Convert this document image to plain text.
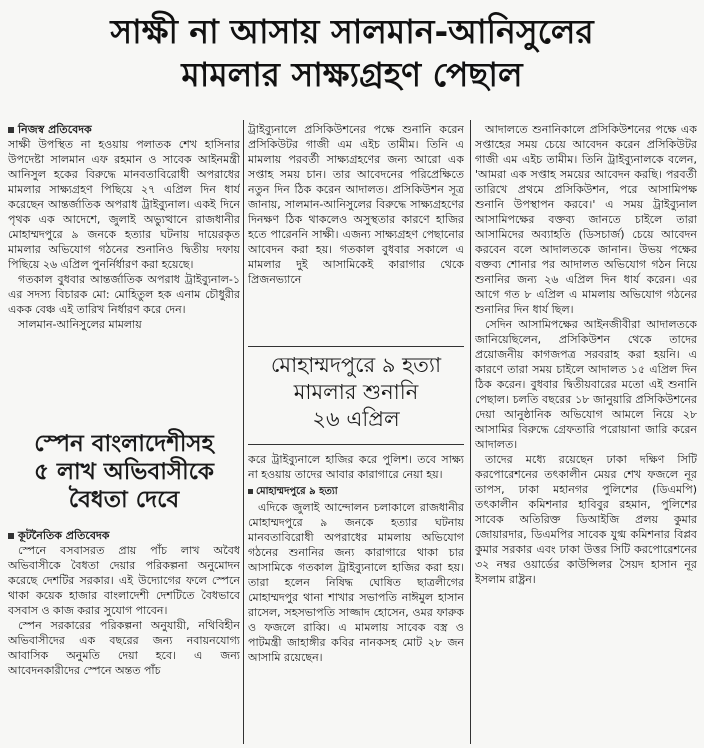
সাক্ষী না আসায় সালমান-আনিসুলের
মামলার সাক্ষ্যগ্রহণ পেছাল
নিজস্ব প্রতিবেদক

সাক্ষী উপস্থিত না হওয়ায় পলাতক শেখ হাসিনার উপদেষ্টা সালমান এফ রহমান ও সাবেক আইনমন্ত্রী আনিসুল হকের বিরুদ্ধে মানবতাবিরোধী অপরাধের মামলার সাক্ষ্যগ্রহণ পিছিয়ে ২৭ এপ্রিল দিন ধার্য করেছেন আন্তর্জাতিক অপরাধ ট্রাইব্যুনাল। একই দিনে পৃথক এক আদেশে, জুলাই অভ্যুত্থানে রাজধানীর মোহাম্মদপুরে ৯ জনকে হত্যার ঘটনায় দায়েরকৃত মামলার অভিযোগ গঠনের শুনানিও দ্বিতীয় দফায় পিছিয়ে ২৬ এপ্রিল পুনর্নির্ধারণ করা হয়েছে।

গতকাল বুধবার আন্তর্জাতিক অপরাধ ট্রাইব্যুনাল-১ এর সদস্য বিচারক মো: মোহিতুল হক এনাম চৌধুরীর একক বেঞ্চ এই তারিখ নির্ধারণ করে দেন।

সালমান-আনিসুলের মামলায়

স্পেন বাংলাদেশীসহ
৫ লাখ অভিবাসীকে
বৈধতা দেবে
কূটনৈতিক প্রতিবেদক

স্পেনে বসবাসরত প্রায় পাঁচ লাখ অবৈধ অভিবাসীকে বৈধতা দেয়ার পরিকল্পনা অনুমোদন করেছে দেশটির সরকার। এই উদ্যোগের ফলে স্পেনে থাকা কয়েক হাজার বাংলাদেশী দেশটিতে বৈধভাবে বসবাস ও কাজ করার সুযোগ পাবেন।

স্পেন সরকারের পরিকল্পনা অনুযায়ী, নথিবিহীন অভিবাসীদের এক বছরের জন্য নবায়নযোগ্য আবাসিক অনুমতি দেয়া হবে। এ জন্য আবেদনকারীদের স্পেনে অন্তত পাঁচ

ট্রাইব্যুনালে প্রসিকিউশনের পক্ষে শুনানি করেন প্রসিকিউটর গাজী এম এইচ তামীম। তিনি এ মামলায় পরবর্তী সাক্ষ্যগ্রহণের জন্য আরো এক সপ্তাহ সময় চান। তার আবেদনের পরিপ্রেক্ষিতে নতুন দিন ঠিক করেন আদালত। প্রসিকিউশন সূত্র জানায়, সালমান-আনিসুলের বিরুদ্ধে সাক্ষ্যগ্রহণের দিনক্ষণ ঠিক থাকলেও অসুস্থতার কারণে হাজির হতে পারেননি সাক্ষী। এজন্য সাক্ষ্যগ্রহণ পেছানোর আবেদন করা হয়। গতকাল বুধবার সকালে এ মামলার দুই আসামিকেই কারাগার থেকে প্রিজনভ্যানে

মোহাম্মদপুরে ৯ হত্যা
মামলার শুনানি
২৬ এপ্রিল

করে ট্রাইব্যুনালে হাজির করে পুলিশ। তবে সাক্ষ্য না হওয়ায় তাদের আবার কারাগারে নেয়া হয়।

মোহাম্মদপুরে ৯ হত্যা

এদিকে জুলাই আন্দোলন চলাকালে রাজধানীর মোহাম্মদপুরে ৯ জনকে হত্যার ঘটনায় মানবতাবিরোধী অপরাধের মামলায় অভিযোগ গঠনের শুনানির জন্য কারাগারে থাকা চার আসামিকে গতকাল ট্রাইব্যুনালে হাজির করা হয়। তারা হলেন নিষিদ্ধ ঘোষিত ছাত্রলীগের মোহাম্মদপুর থানা শাখার সভাপতি নাঈমুল হাসান রাসেল, সহসভাপতি সাজ্জাদ হোসেন, ওমর ফারুক ও ফজলে রাব্বি। এ মামলায় সাবেক বস্ত্র ও পাটমন্ত্রী জাহাঙ্গীর কবির নানকসহ মোট ২৮ জন আসামি রয়েছেন।

আদালতে শুনানিকালে প্রসিকিউশনের পক্ষে এক সপ্তাহের সময় চেয়ে আবেদন করেন প্রসিকিউটর গাজী এম এইচ তামীম। তিনি ট্রাইব্যুনালকে বলেন, 'আমরা এক সপ্তাহ সময়ের আবেদন করছি। পরবর্তী তারিখে প্রথমে প্রসিকিউশন, পরে আসামিপক্ষ শুনানি উপস্থাপন করবে।' এ সময় ট্রাইব্যুনাল আসামিপক্ষের বক্তব্য জানতে চাইলে তারা আসামিদের অব্যাহতি (ডিসচার্জ) চেয়ে আবেদন করবেন বলে আদালতকে জানান। উভয় পক্ষের বক্তব্য শোনার পর আদালত অভিযোগ গঠন নিয়ে শুনানির জন্য ২৬ এপ্রিল দিন ধার্য করেন। এর আগে গত ৮ এপ্রিল এ মামলায় অভিযোগ গঠনের শুনানির দিন ধার্য ছিল।

সেদিন আসামিপক্ষের আইনজীবীরা আদালতকে জানিয়েছিলেন, প্রসিকিউশন থেকে তাদের প্রয়োজনীয় কাগজপত্র সরবরাহ করা হয়নি। এ কারণে তারা সময় চাইলে আদালত ১৫ এপ্রিল দিন ঠিক করেন। বুধবার দ্বিতীয়বারের মতো এই শুনানি পেছাল। চলতি বছরের ১৮ জানুয়ারি প্রসিকিউশনের দেয়া আনুষ্ঠানিক অভিযোগ আমলে নিয়ে ২৮ আসামির বিরুদ্ধে গ্রেফতারি পরোয়ানা জারি করেন আদালত।

তাদের মধ্যে রয়েছেন ঢাকা দক্ষিণ সিটি করপোরেশনের তৎকালীন মেয়র শেখ ফজলে নূর তাপস, ঢাকা মহানগর পুলিশের (ডিএমপি) তৎকালীন কমিশনার হাবিবুর রহমান, পুলিশের সাবেক অতিরিক্ত ডিআইজি প্রলয় কুমার জোয়ারদার, ডিএমপির সাবেক যুগ্ম কমিশনার বিপ্লব কুমার সরকার এবং ঢাকা উত্তর সিটি করপোরেশনের ৩২ নম্বর ওয়ার্ডের কাউন্সিলর সৈয়দ হাসান নূর ইসলাম রাষ্ট্রন।
